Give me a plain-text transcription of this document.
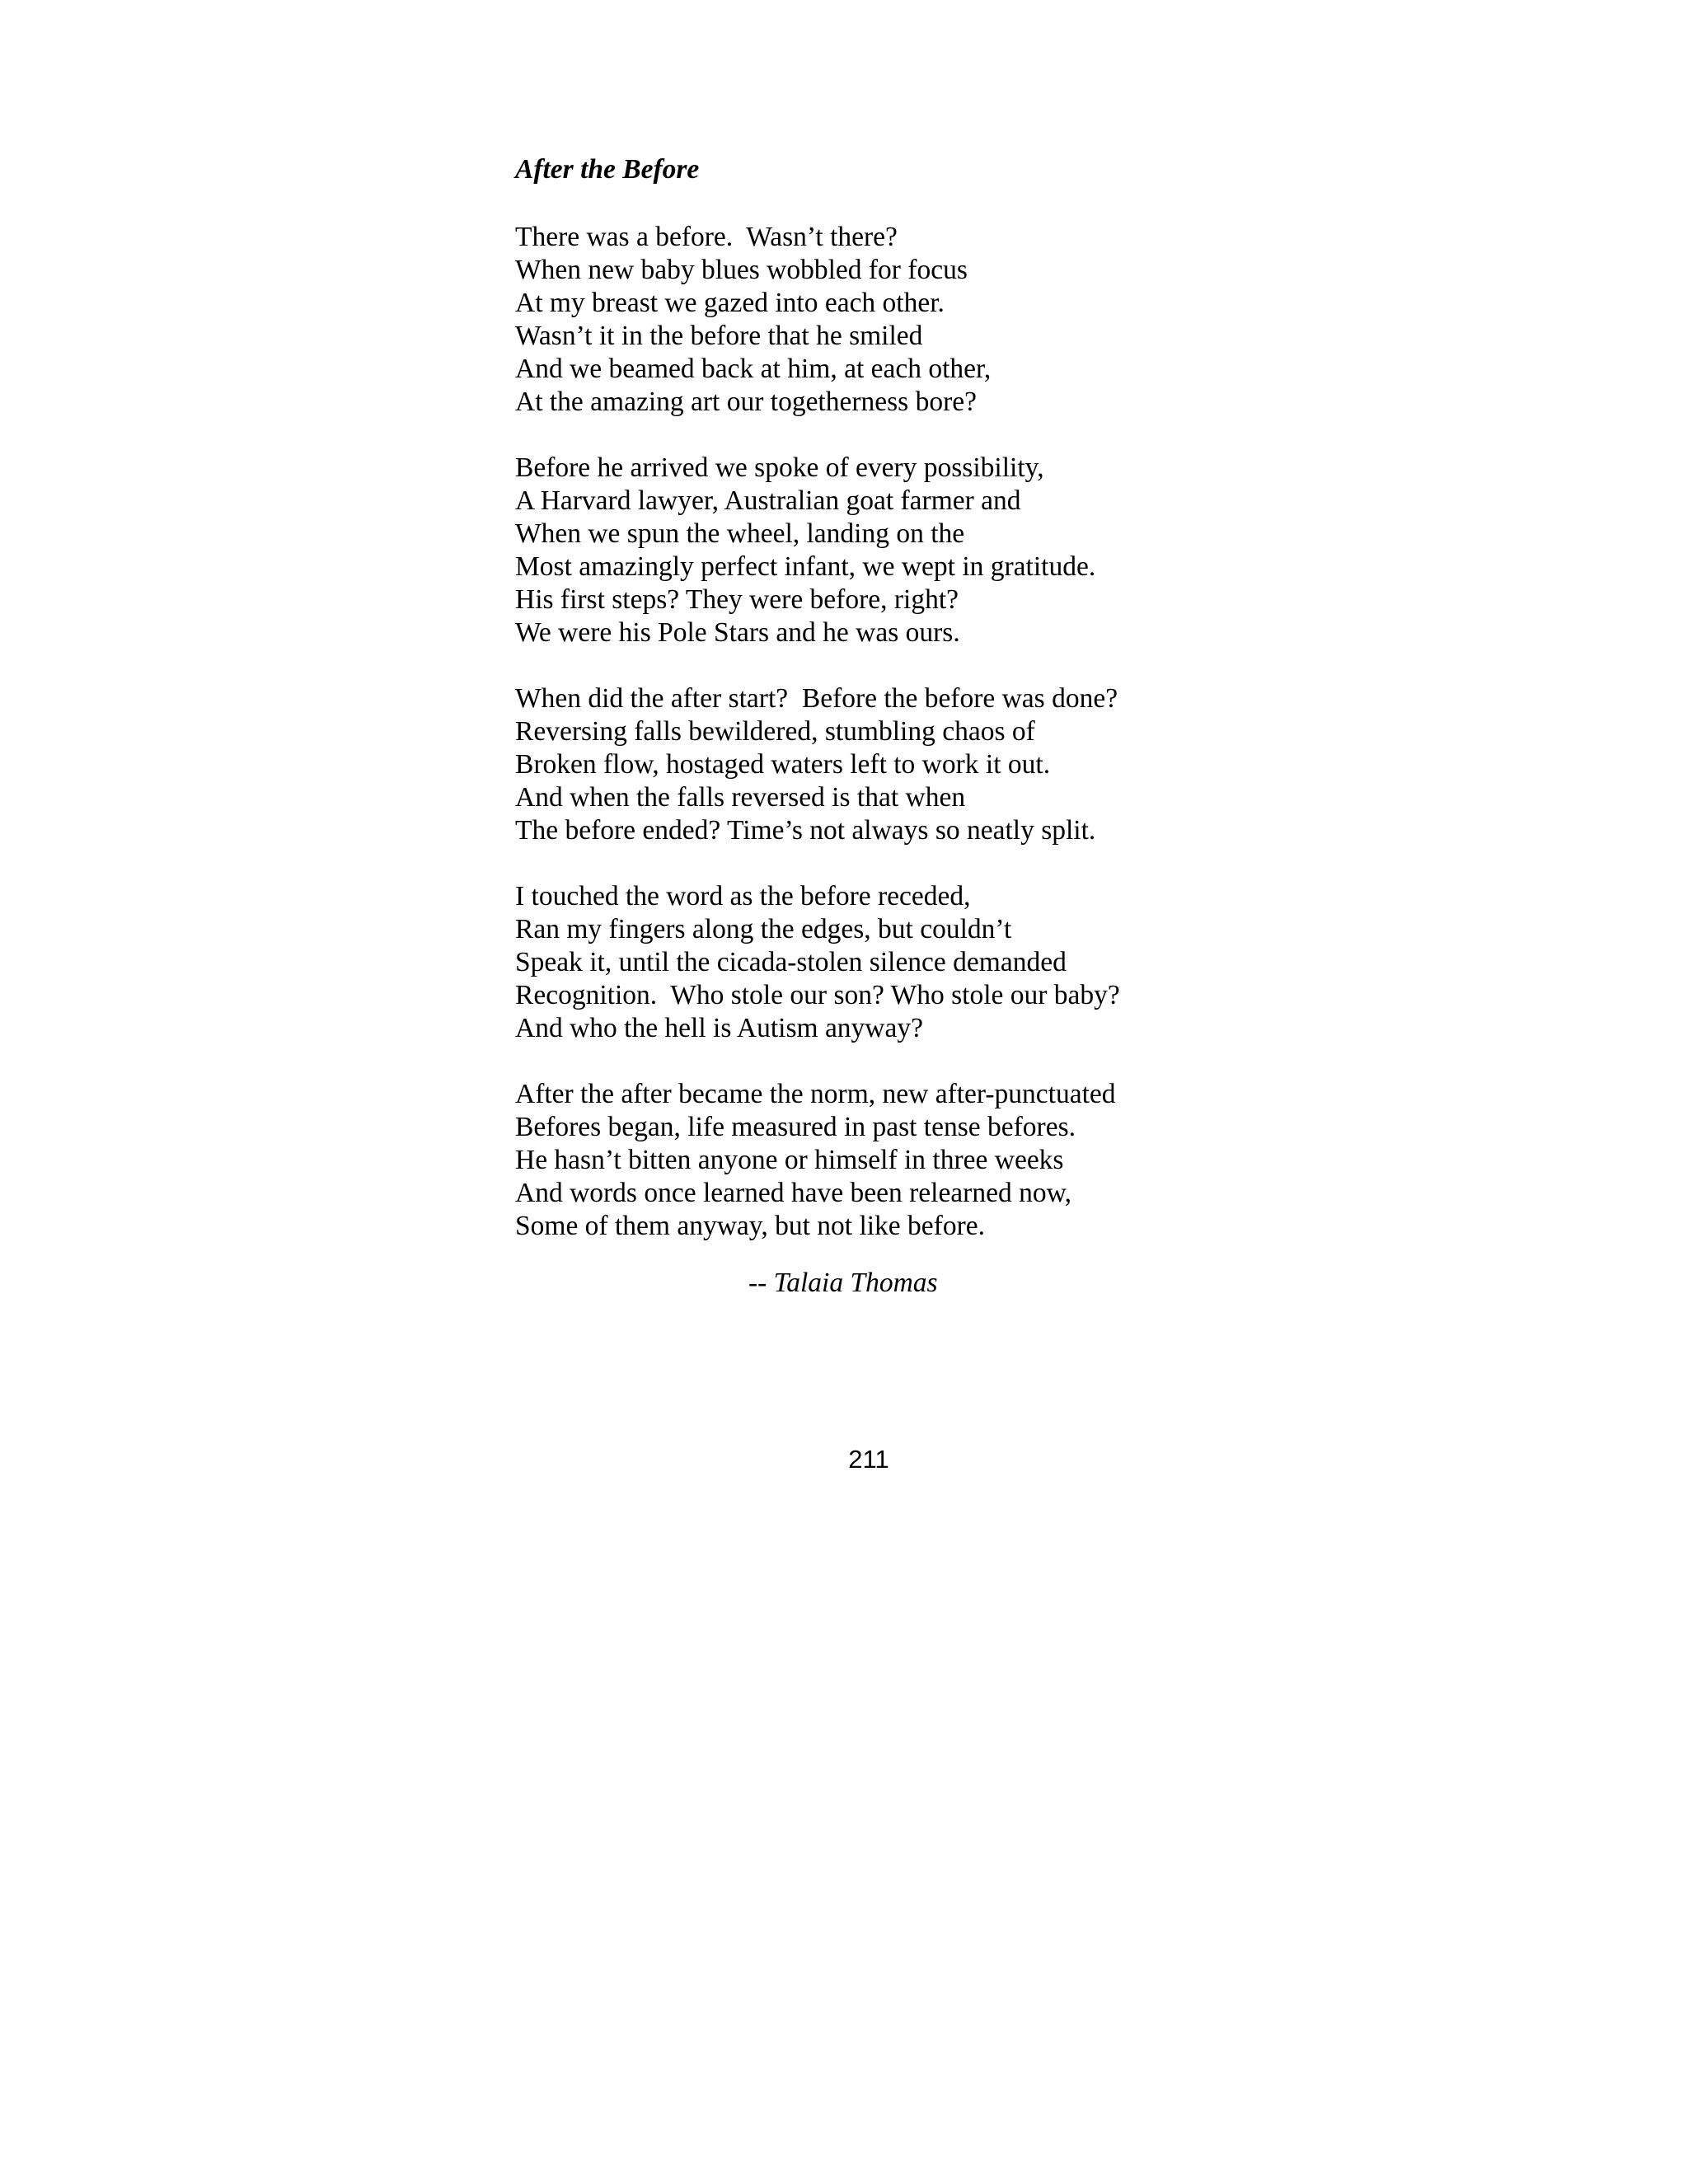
After the Before
There was a before.  Wasn’t there?
When new baby blues wobbled for focus
At my breast we gazed into each other.
Wasn’t it in the before that he smiled
And we beamed back at him, at each other,
At the amazing art our togetherness bore?
Before he arrived we spoke of every possibility,
A Harvard lawyer, Australian goat farmer and
When we spun the wheel, landing on the
Most amazingly perfect infant, we wept in gratitude.
His first steps? They were before, right?
We were his Pole Stars and he was ours.
When did the after start?  Before the before was done?
Reversing falls bewildered, stumbling chaos of
Broken flow, hostaged waters left to work it out.
And when the falls reversed is that when
The before ended? Time’s not always so neatly split.
I touched the word as the before receded,
Ran my fingers along the edges, but couldn’t
Speak it, until the cicada-stolen silence demanded
Recognition.  Who stole our son? Who stole our baby?
And who the hell is Autism anyway?
After the after became the norm, new after-punctuated
Befores began, life measured in past tense befores.
He hasn’t bitten anyone or himself in three weeks
And words once learned have been relearned now,
Some of them anyway, but not like before.
-- Talaia Thomas
211
